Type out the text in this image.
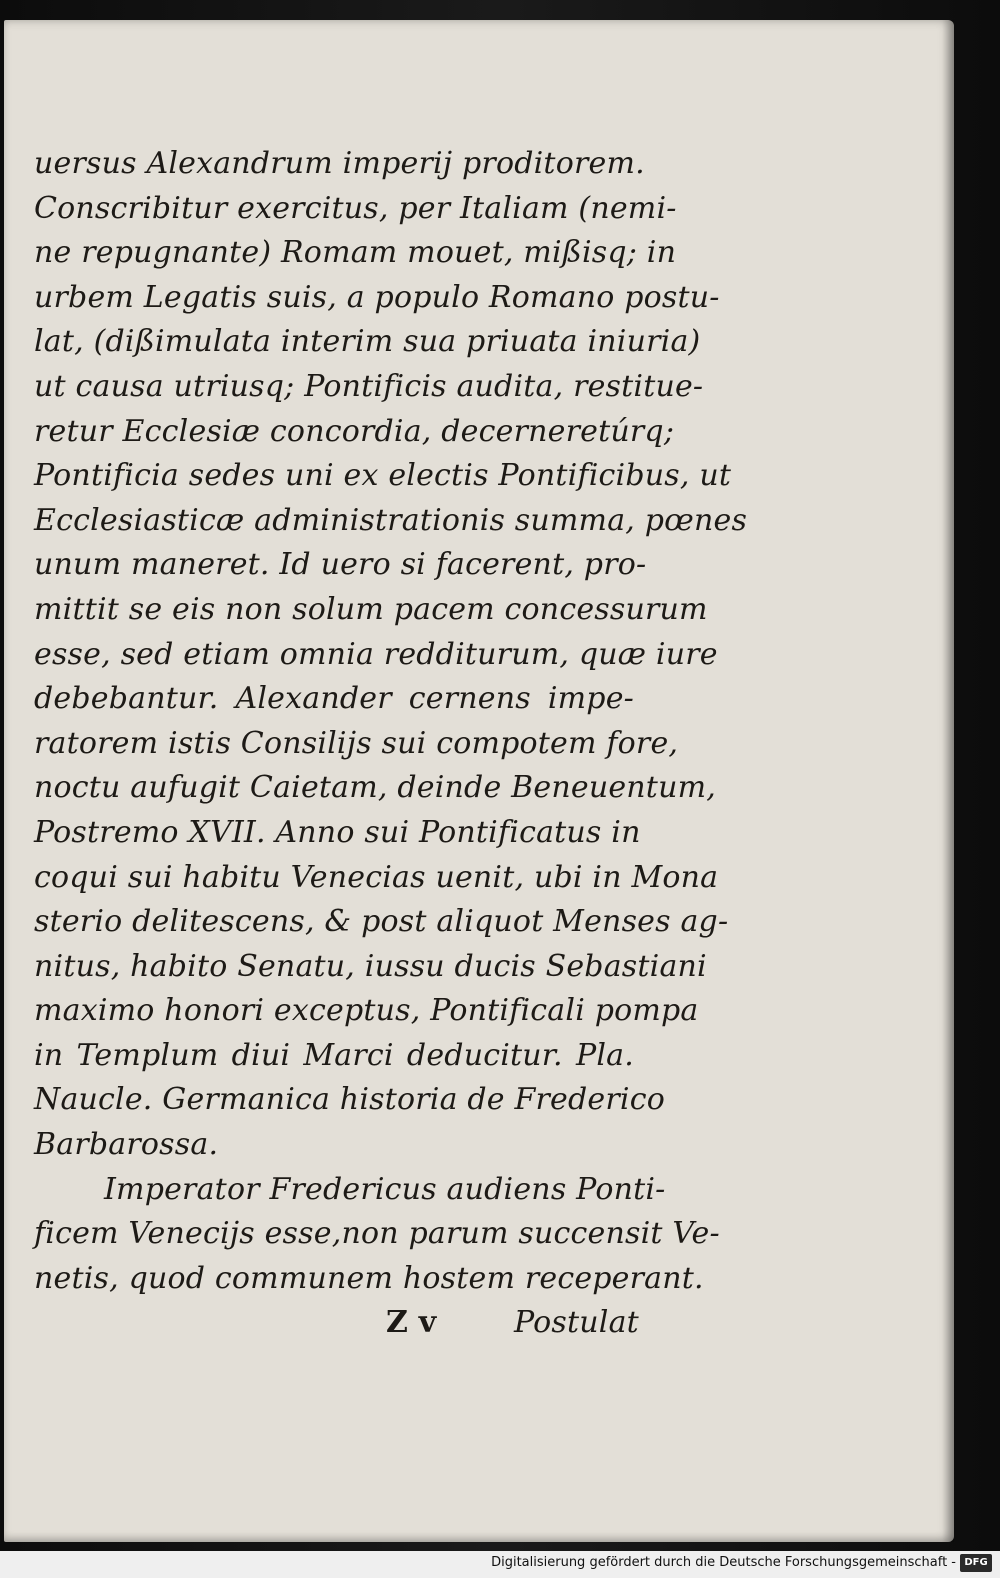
uersus Alexandrum imperij proditorem.
Conscribitur exercitus, per Italiam (nemi-
ne repugnante) Romam mouet, mißisq; in
urbem Legatis suis, a populo Romano postu-
lat, (dißimulata interim sua priuata iniuria)
ut causa utriusq; Pontificis audita, restitue-
retur Ecclesiæ concordia, decerneretúrq;
Pontificia sedes uni ex electis Pontificibus, ut
Ecclesiasticæ administrationis summa, pœnes
unum maneret. Id uero si facerent, pro-
mittit se eis non solum pacem concessurum
esse, sed etiam omnia redditurum, quæ iure
debebantur. Alexander cernens impe-
ratorem istis Consilijs sui compotem fore,
noctu aufugit Caietam, deinde Beneuentum,
Postremo XVII. Anno sui Pontificatus in
coqui sui habitu Venecias uenit, ubi in Mona
sterio delitescens, & post aliquot Menses ag-
nitus, habito Senatu, iussu ducis Sebastiani
maximo honori exceptus, Pontificali pompa
in Templum diui Marci deducitur. Pla.
Naucle. Germanica historia de Frederico
Barbarossa.
Imperator Fredericus audiens Ponti-
ficem Venecijs esse,non parum succensit Ve-
netis, quod communem hostem receperant.
Z v	Postulat
Digitalisierung gefördert durch die Deutsche Forschungsgemeinschaft - DFG
